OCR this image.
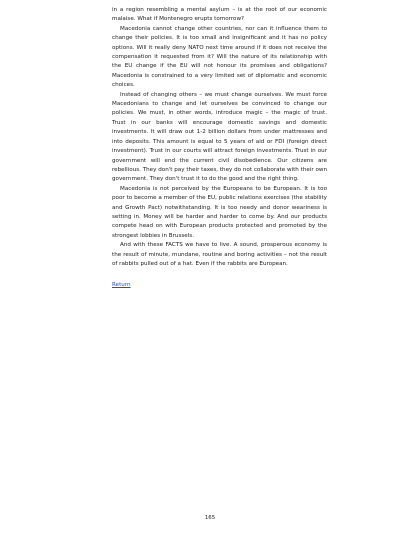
in a region resembling a mental asylum – is at the root of our economic malaise. What if Montenegro erupts tomorrow?

Macedonia cannot change other countries, nor can it influence them to change their policies. It is too small and insignificant and it has no policy options. Will it really deny NATO next time around if it does not receive the compensation it requested from it? Will the nature of its relationship with the EU change if the EU will not honour its promises and obligations? Macedonia is constrained to a very limited set of diplomatic and economic choices.

Instead of changing others – we must change ourselves. We must force Macedonians to change and let ourselves be convinced to change our policies. We must, in other words, introduce magic – the magic of trust. Trust in our banks will encourage domestic savings and domestic investments. It will draw out 1-2 billion dollars from under mattresses and into deposits. This amount is equal to 5 years of aid or FDI (foreign direct investment). Trust in our courts will attract foreign investments. Trust in our government will end the current civil disobedience. Our citizens are rebellious. They don't pay their taxes, they do not collaborate with their own government. They don't trust it to do the good and the right thing.

Macedonia is not perceived by the Europeans to be European. It is too poor to become a member of the EU, public relations exercises (the stability and Growth Pact) notwithstanding. It is too needy and donor weariness is setting in. Money will be harder and harder to come by. And our products compete head on with European products protected and promoted by the strongest lobbies in Brussels.

And with these FACTS we have to live. A sound, prosperous economy is the result of minute, mundane, routine and boring activities – not the result of rabbits pulled out of a hat. Even if the rabbits are European.

Return
165
